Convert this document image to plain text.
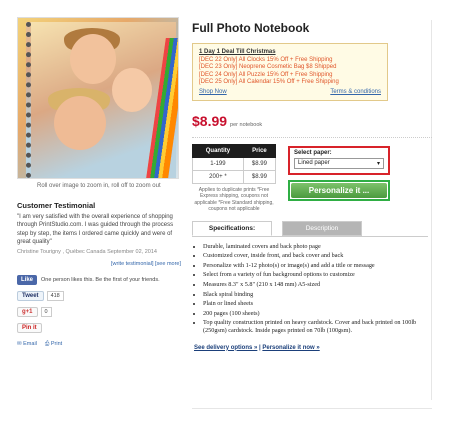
Roll over image to zoom in, roll off to zoom out
Customer Testimonial
"I am very satisfied with the overall experience of shopping through PrintStudio.com. I was guided through the process step by step, the items I ordered came quickly and were of great quality"
Christine Tourigny , Québec Canada September 02, 2014
[write testimonial] [see more]
Like	One person likes this. Be the first of your friends.
Tweet	418
g+1	0
Pin it
✉ Email ⎙ Print
Full Photo Notebook
1 Day 1 Deal Till Christmas
[DEC 22 Only] All Clocks 15% Off + Free Shipping
[DEC 23 Only] Neoprene Cosmetic Bag $8 Shipped
[DEC 24 Only] All Puzzle 15% Off + Free Shipping
[DEC 25 Only] All Calendar 15% Off + Free Shipping
Shop Now	Terms & conditions
$8.99 per notebook
Quantity	Price
1-199	$8.99
200+ *	$8.99
Applies to duplicate prints *Free Express shipping, coupons not applicable *Free Standard shipping, coupons not applicable
Select paper:
Lined paper	▾
Personalize it ...
Specifications:	Description
• Durable, laminated covers and back photo page
• Customized cover, inside front, and back cover and back
• Personalize with 1-12 photo(s) or image(s) and add a title or message
• Select from a variety of fun background options to customize
• Measures 8.3" x 5.8" (210 x 148 mm) A5-sized
• Black spiral binding
• Plain or lined sheets
• 200 pages (100 sheets)
• Top quality construction printed on heavy cardstock. Cover and back printed on 100lb (250gsm) cardstock. Inside pages printed on 70lb (100gsm).
See delivery options » | Personalize it now »
